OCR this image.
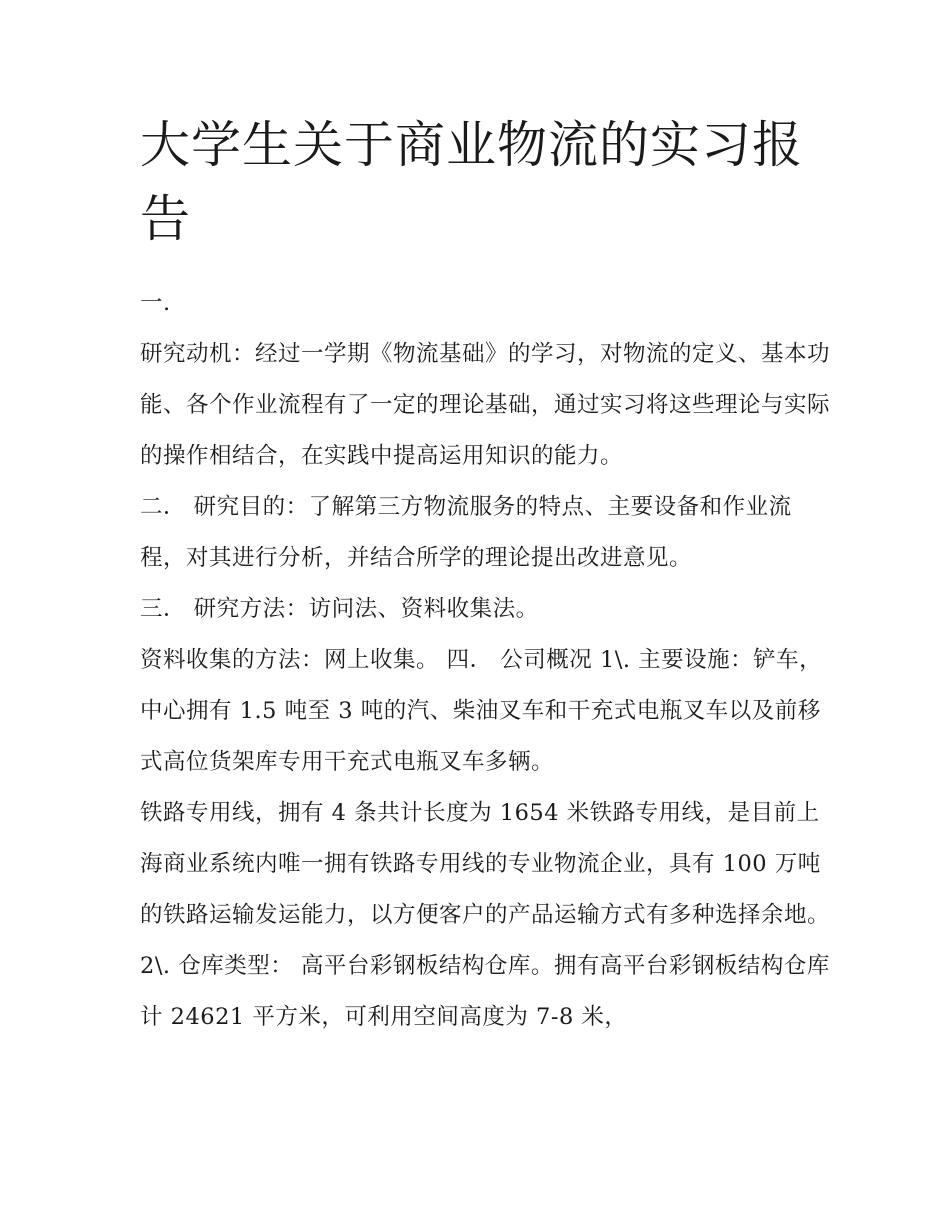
大学生关于商业物流的实习报告

一.

研究动机：经过一学期《物流基础》的学习，对物流的定义、基本功能、各个作业流程有了一定的理论基础，通过实习将这些理论与实际的操作相结合，在实践中提高运用知识的能力。

二． 研究目的：了解第三方物流服务的特点、主要设备和作业流程，对其进行分析，并结合所学的理论提出改进意见。

三． 研究方法：访问法、资料收集法。

资料收集的方法：网上收集。 四． 公司概况 1\. 主要设施：铲车，中心拥有 1.5 吨至 3 吨的汽、柴油叉车和干充式电瓶叉车以及前移式高位货架库专用干充式电瓶叉车多辆。

铁路专用线，拥有 4 条共计长度为 1654 米铁路专用线，是目前上海商业系统内唯一拥有铁路专用线的专业物流企业，具有 100 万吨的铁路运输发运能力，以方便客户的产品运输方式有多种选择余地。

2\. 仓库类型： 高平台彩钢板结构仓库。拥有高平台彩钢板结构仓库计 24621 平方米，可利用空间高度为 7-8 米，
